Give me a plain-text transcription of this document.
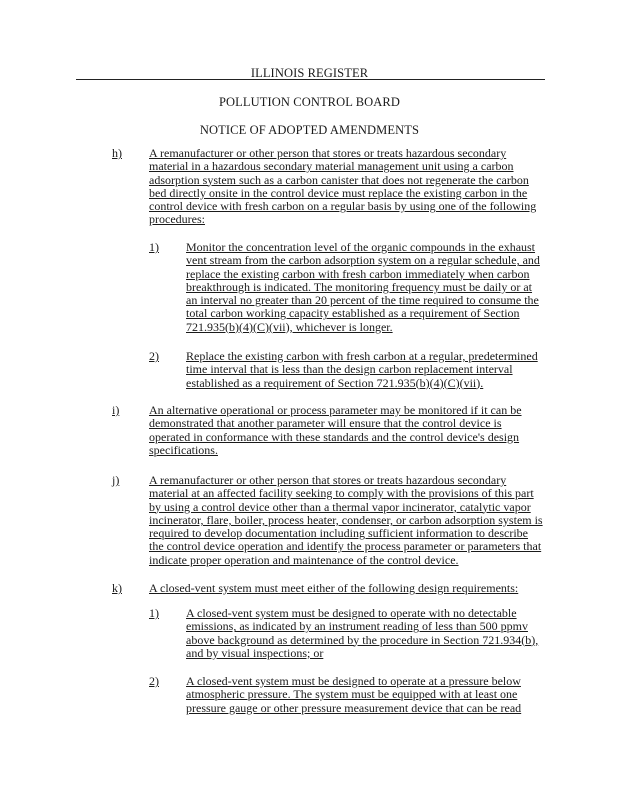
ILLINOIS REGISTER
POLLUTION CONTROL BOARD
NOTICE OF ADOPTED AMENDMENTS
h) A remanufacturer or other person that stores or treats hazardous secondary
material in a hazardous secondary material management unit using a carbon
adsorption system such as a carbon canister that does not regenerate the carbon
bed directly onsite in the control device must replace the existing carbon in the
control device with fresh carbon on a regular basis by using one of the following
procedures:
1) Monitor the concentration level of the organic compounds in the exhaust
vent stream from the carbon adsorption system on a regular schedule, and
replace the existing carbon with fresh carbon immediately when carbon
breakthrough is indicated. The monitoring frequency must be daily or at
an interval no greater than 20 percent of the time required to consume the
total carbon working capacity established as a requirement of Section
721.935(b)(4)(C)(vii), whichever is longer.
2) Replace the existing carbon with fresh carbon at a regular, predetermined
time interval that is less than the design carbon replacement interval
established as a requirement of Section 721.935(b)(4)(C)(vii).
i) An alternative operational or process parameter may be monitored if it can be
demonstrated that another parameter will ensure that the control device is
operated in conformance with these standards and the control device's design
specifications.
j) A remanufacturer or other person that stores or treats hazardous secondary
material at an affected facility seeking to comply with the provisions of this part
by using a control device other than a thermal vapor incinerator, catalytic vapor
incinerator, flare, boiler, process heater, condenser, or carbon adsorption system is
required to develop documentation including sufficient information to describe
the control device operation and identify the process parameter or parameters that
indicate proper operation and maintenance of the control device.
k) A closed-vent system must meet either of the following design requirements:
1) A closed-vent system must be designed to operate with no detectable
emissions, as indicated by an instrument reading of less than 500 ppmv
above background as determined by the procedure in Section 721.934(b),
and by visual inspections; or
2) A closed-vent system must be designed to operate at a pressure below
atmospheric pressure. The system must be equipped with at least one
pressure gauge or other pressure measurement device that can be read
